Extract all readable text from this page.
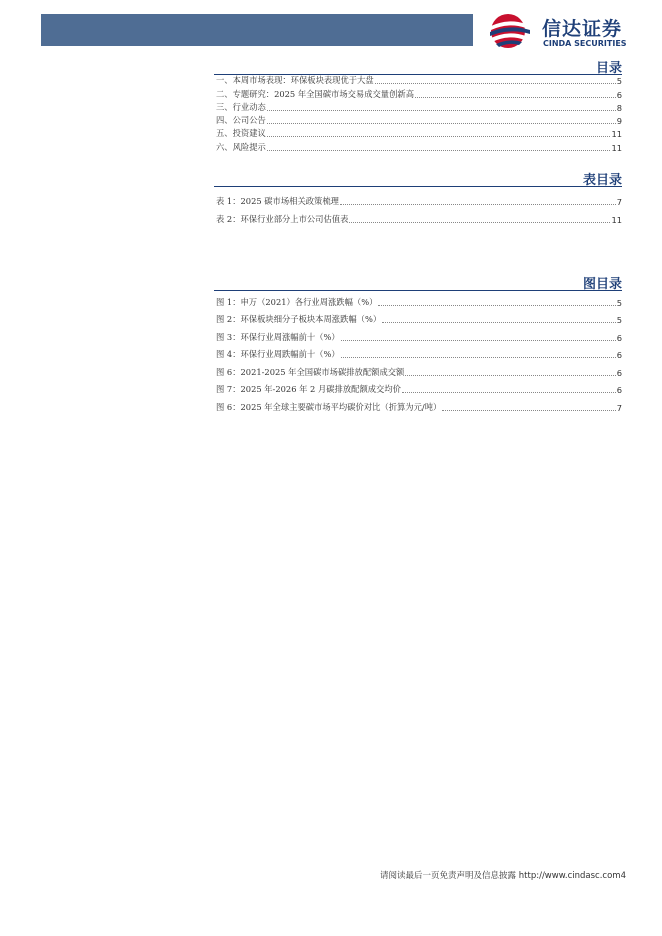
信达证券
CINDA SECURITIES
目录
一、本周市场表现：环保板块表现优于大盘	5
二、专题研究：2025 年全国碳市场交易成交量创新高	6
三、行业动态	8
四、公司公告	9
五、投资建议	11
六、风险提示	11
表目录
表 1：2025 碳市场相关政策梳理	7
表 2：环保行业部分上市公司估值表	11
图目录
图 1：申万（2021）各行业周涨跌幅（%）	5
图 2：环保板块细分子板块本周涨跌幅（%）	5
图 3：环保行业周涨幅前十（%）	6
图 4：环保行业周跌幅前十（%）	6
图 6：2021-2025 年全国碳市场碳排放配额成交额	6
图 7：2025 年-2026 年 2 月碳排放配额成交均价	6
图 6：2025 年全球主要碳市场平均碳价对比（折算为元/吨）	7
请阅读最后一页免责声明及信息披露 http://www.cindasc.com4
